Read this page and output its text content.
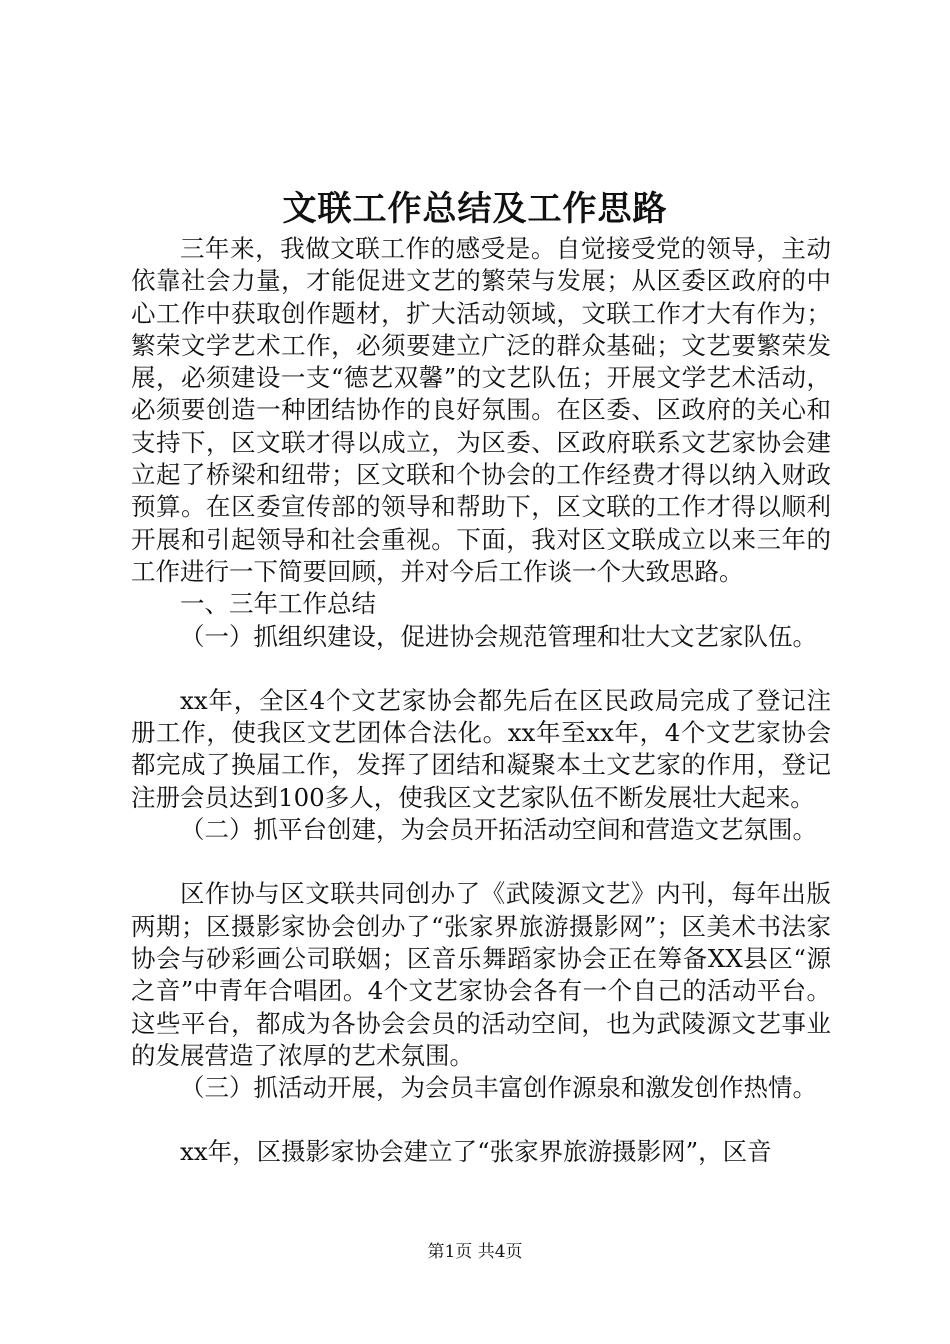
文联工作总结及工作思路

三年来，我做文联工作的感受是。自觉接受党的领导，主动依靠社会力量，才能促进文艺的繁荣与发展；从区委区政府的中心工作中获取创作题材，扩大活动领域，文联工作才大有作为；繁荣文学艺术工作，必须要建立广泛的群众基础；文艺要繁荣发展，必须建设一支“德艺双馨”的文艺队伍；开展文学艺术活动，必须要创造一种团结协作的良好氛围。在区委、区政府的关心和支持下，区文联才得以成立，为区委、区政府联系文艺家协会建立起了桥梁和纽带；区文联和个协会的工作经费才得以纳入财政预算。在区委宣传部的领导和帮助下，区文联的工作才得以顺利开展和引起领导和社会重视。下面，我对区文联成立以来三年的工作进行一下简要回顾，并对今后工作谈一个大致思路。

一、三年工作总结

（一）抓组织建设，促进协会规范管理和壮大文艺家队伍。

xx年，全区4个文艺家协会都先后在区民政局完成了登记注册工作，使我区文艺团体合法化。xx年至xx年，4个文艺家协会都完成了换届工作，发挥了团结和凝聚本土文艺家的作用，登记注册会员达到100多人，使我区文艺家队伍不断发展壮大起来。

（二）抓平台创建，为会员开拓活动空间和营造文艺氛围。

区作协与区文联共同创办了《武陵源文艺》内刊，每年出版两期；区摄影家协会创办了“张家界旅游摄影网”；区美术书法家协会与砂彩画公司联姻；区音乐舞蹈家协会正在筹备XX县区“源之音”中青年合唱团。4个文艺家协会各有一个自己的活动平台。这些平台，都成为各协会会员的活动空间，也为武陵源文艺事业的发展营造了浓厚的艺术氛围。

（三）抓活动开展，为会员丰富创作源泉和激发创作热情。

xx年，区摄影家协会建立了“张家界旅游摄影网”，区音

第1页 共4页
